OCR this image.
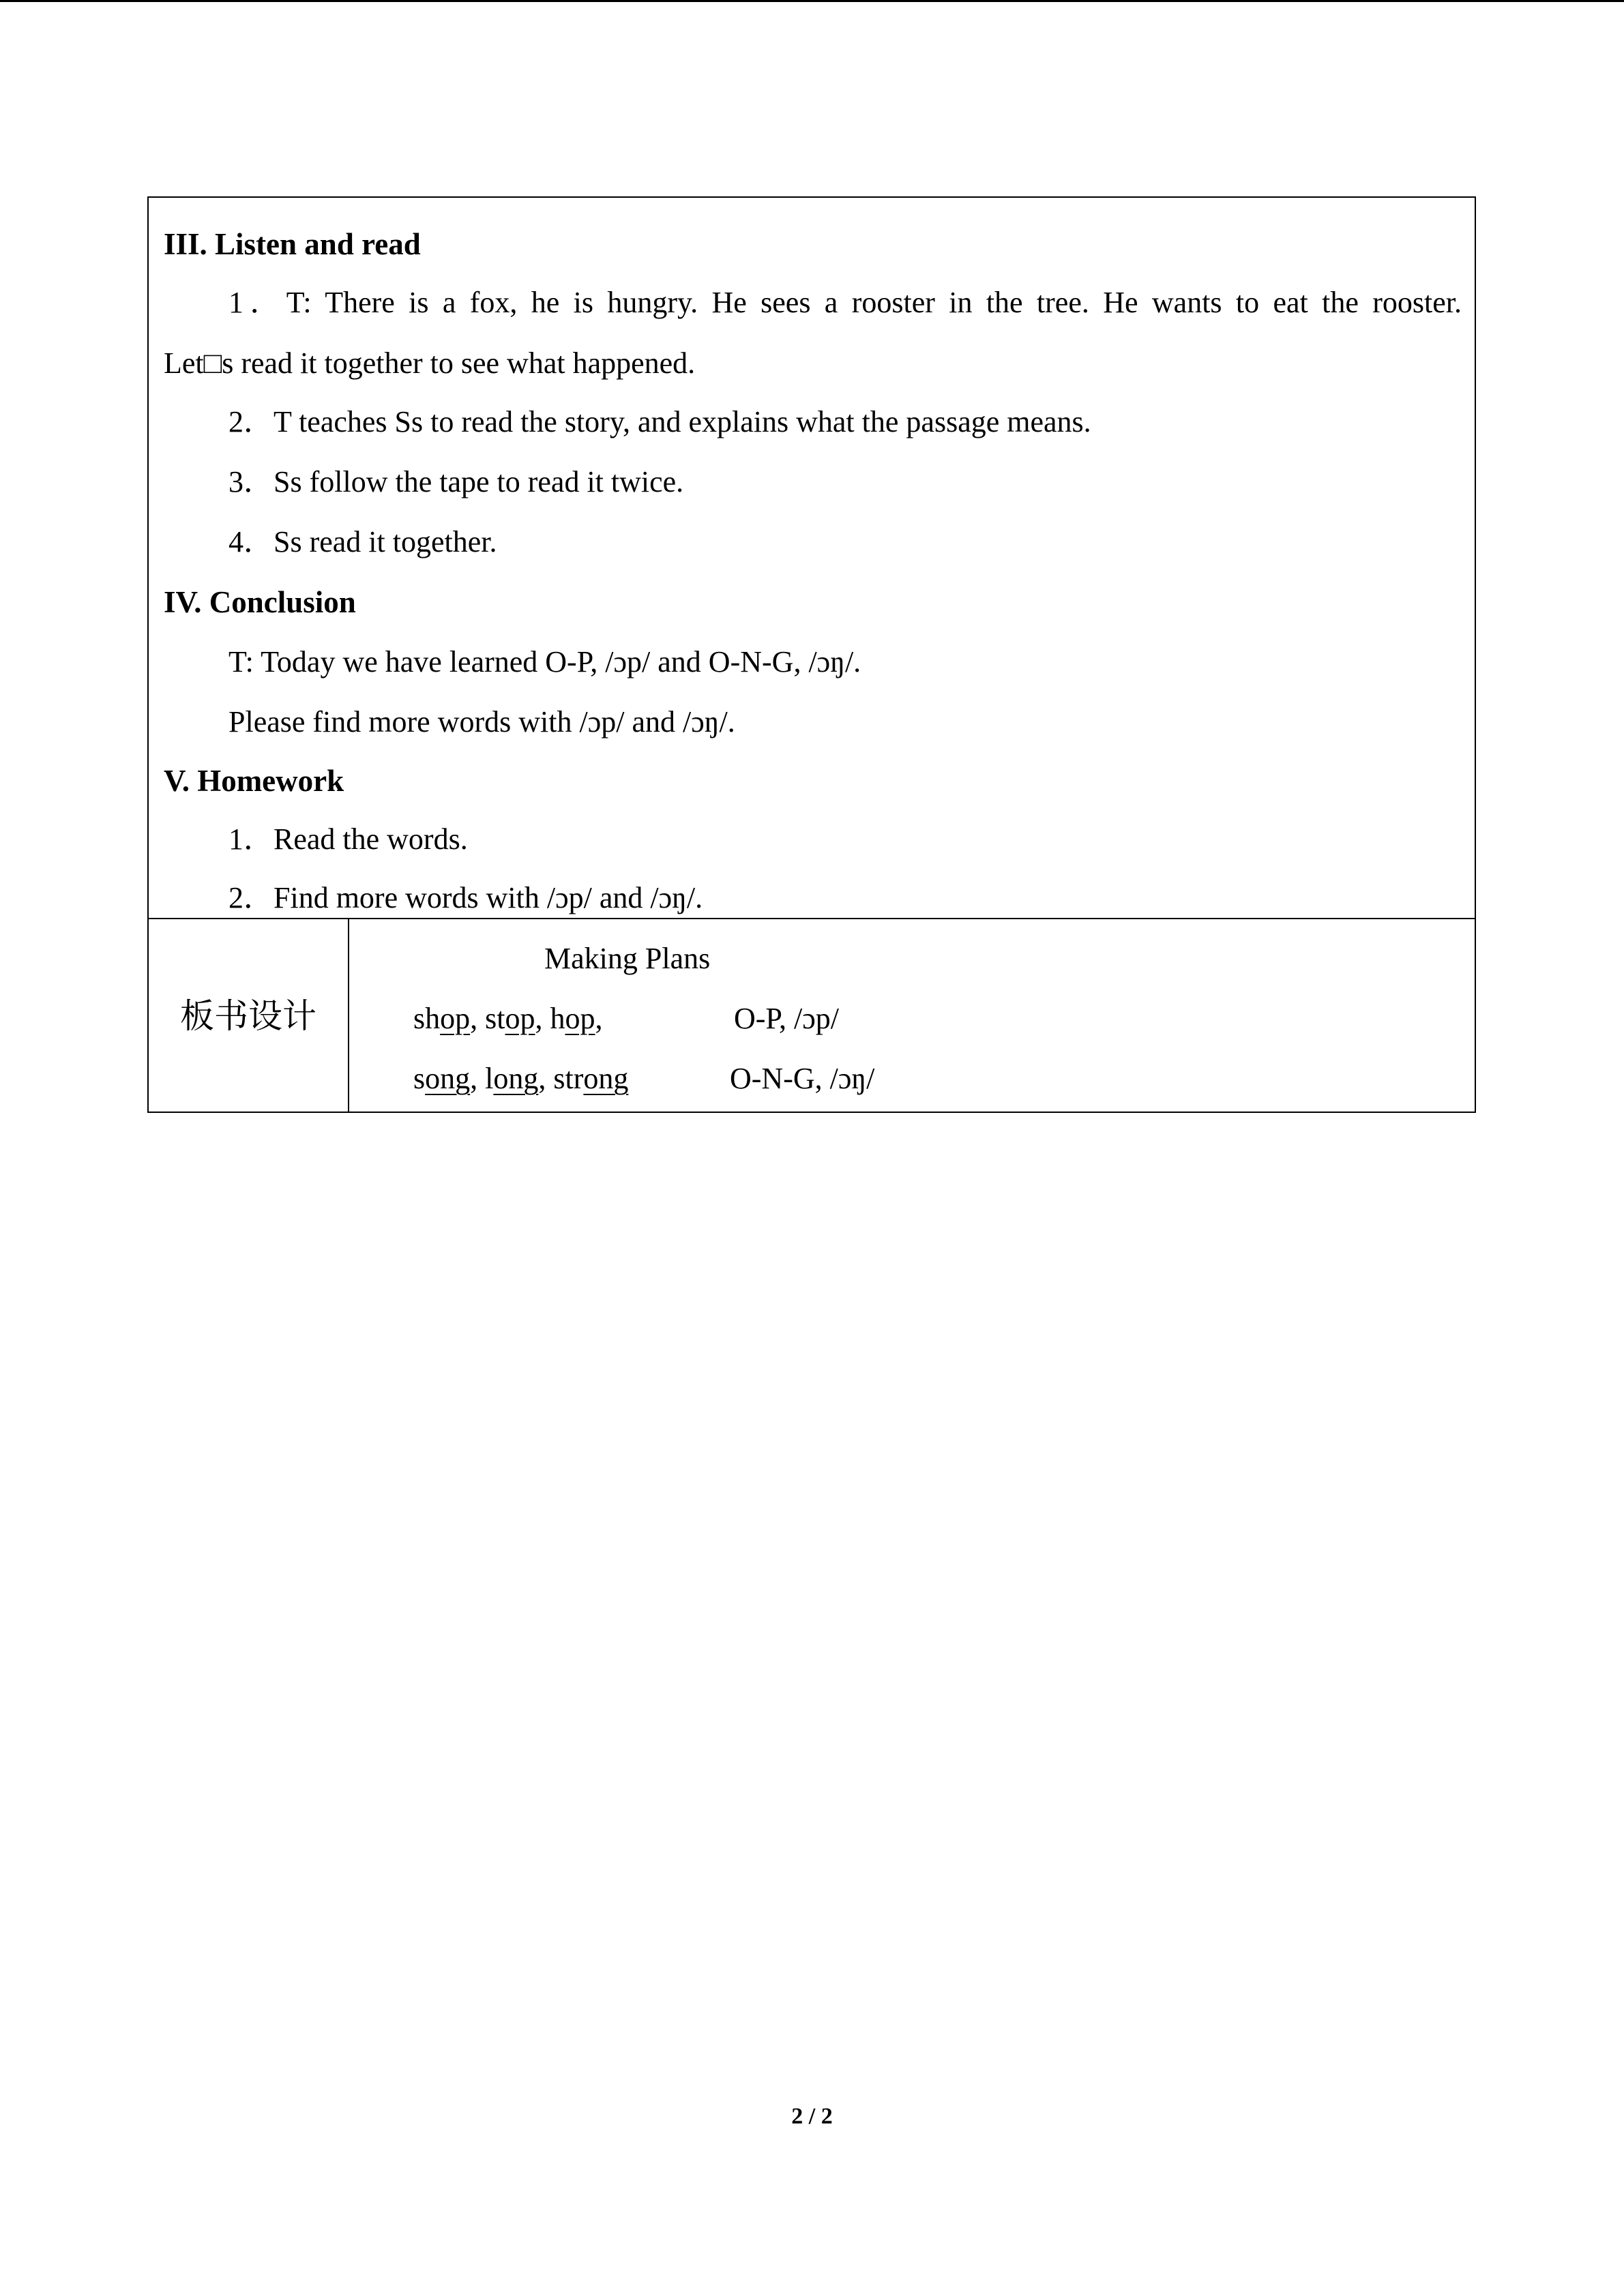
III. Listen and read
1．T: There is a fox, he is hungry. He sees a rooster in the tree. He wants to eat the rooster.
Let□s read it together to see what happened.
2．T teaches Ss to read the story, and explains what the passage means.
3．Ss follow the tape to read it twice.
4．Ss read it together.
IV. Conclusion
T: Today we have learned O-P, /ɔp/ and O-N-G, /ɔŋ/.
Please find more words with /ɔp/ and /ɔŋ/.
V. Homework
1．Read the words.
2．Find more words with /ɔp/ and /ɔŋ/.
板书设计
Making Plans
shop, stop, hop,	O-P, /ɔp/
song, long, strong	O-N-G, /ɔŋ/
2 / 2
